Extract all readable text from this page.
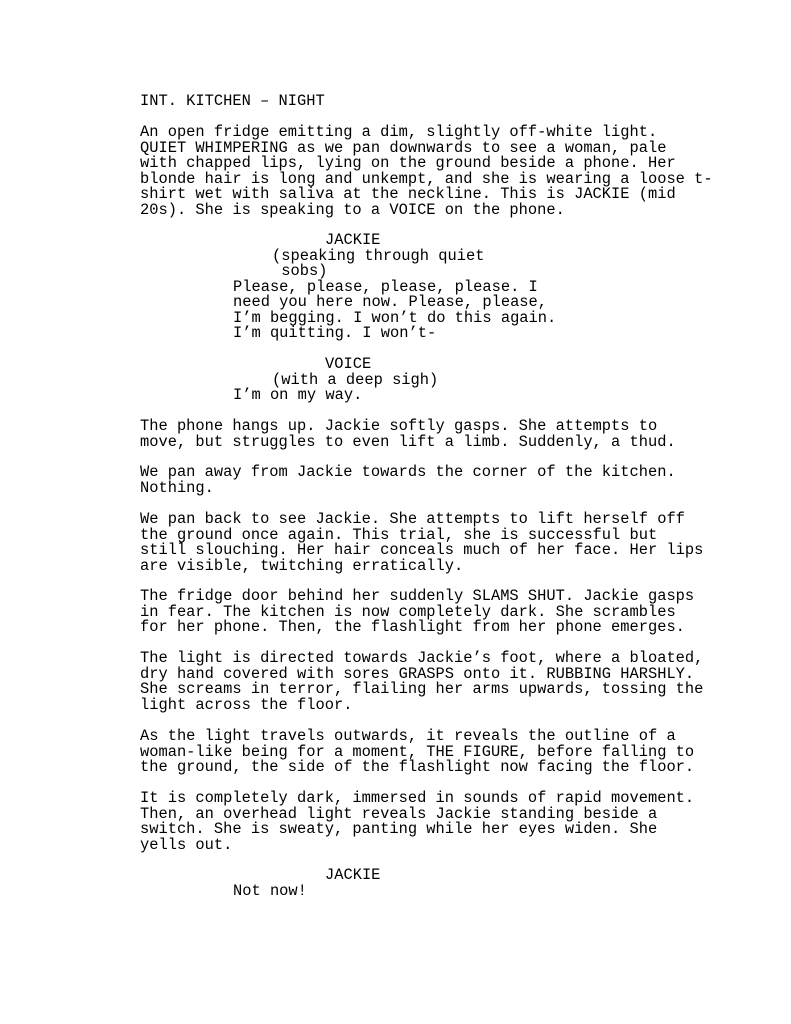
INT. KITCHEN – NIGHT
An open fridge emitting a dim, slightly off-white light.
QUIET WHIMPERING as we pan downwards to see a woman, pale
with chapped lips, lying on the ground beside a phone. Her
blonde hair is long and unkempt, and she is wearing a loose t-
shirt wet with saliva at the neckline. This is JACKIE (mid
20s). She is speaking to a VOICE on the phone.
JACKIE
(speaking through quiet
sobs)
Please, please, please, please. I
need you here now. Please, please,
I’m begging. I won’t do this again.
I’m quitting. I won’t-
VOICE
(with a deep sigh)
I’m on my way.
The phone hangs up. Jackie softly gasps. She attempts to
move, but struggles to even lift a limb. Suddenly, a thud.
We pan away from Jackie towards the corner of the kitchen.
Nothing.
We pan back to see Jackie. She attempts to lift herself off
the ground once again. This trial, she is successful but
still slouching. Her hair conceals much of her face. Her lips
are visible, twitching erratically.
The fridge door behind her suddenly SLAMS SHUT. Jackie gasps
in fear. The kitchen is now completely dark. She scrambles
for her phone. Then, the flashlight from her phone emerges.
The light is directed towards Jackie’s foot, where a bloated,
dry hand covered with sores GRASPS onto it. RUBBING HARSHLY.
She screams in terror, flailing her arms upwards, tossing the
light across the floor.
As the light travels outwards, it reveals the outline of a
woman-like being for a moment, THE FIGURE, before falling to
the ground, the side of the flashlight now facing the floor.
It is completely dark, immersed in sounds of rapid movement.
Then, an overhead light reveals Jackie standing beside a
switch. She is sweaty, panting while her eyes widen. She
yells out.
JACKIE
Not now!
